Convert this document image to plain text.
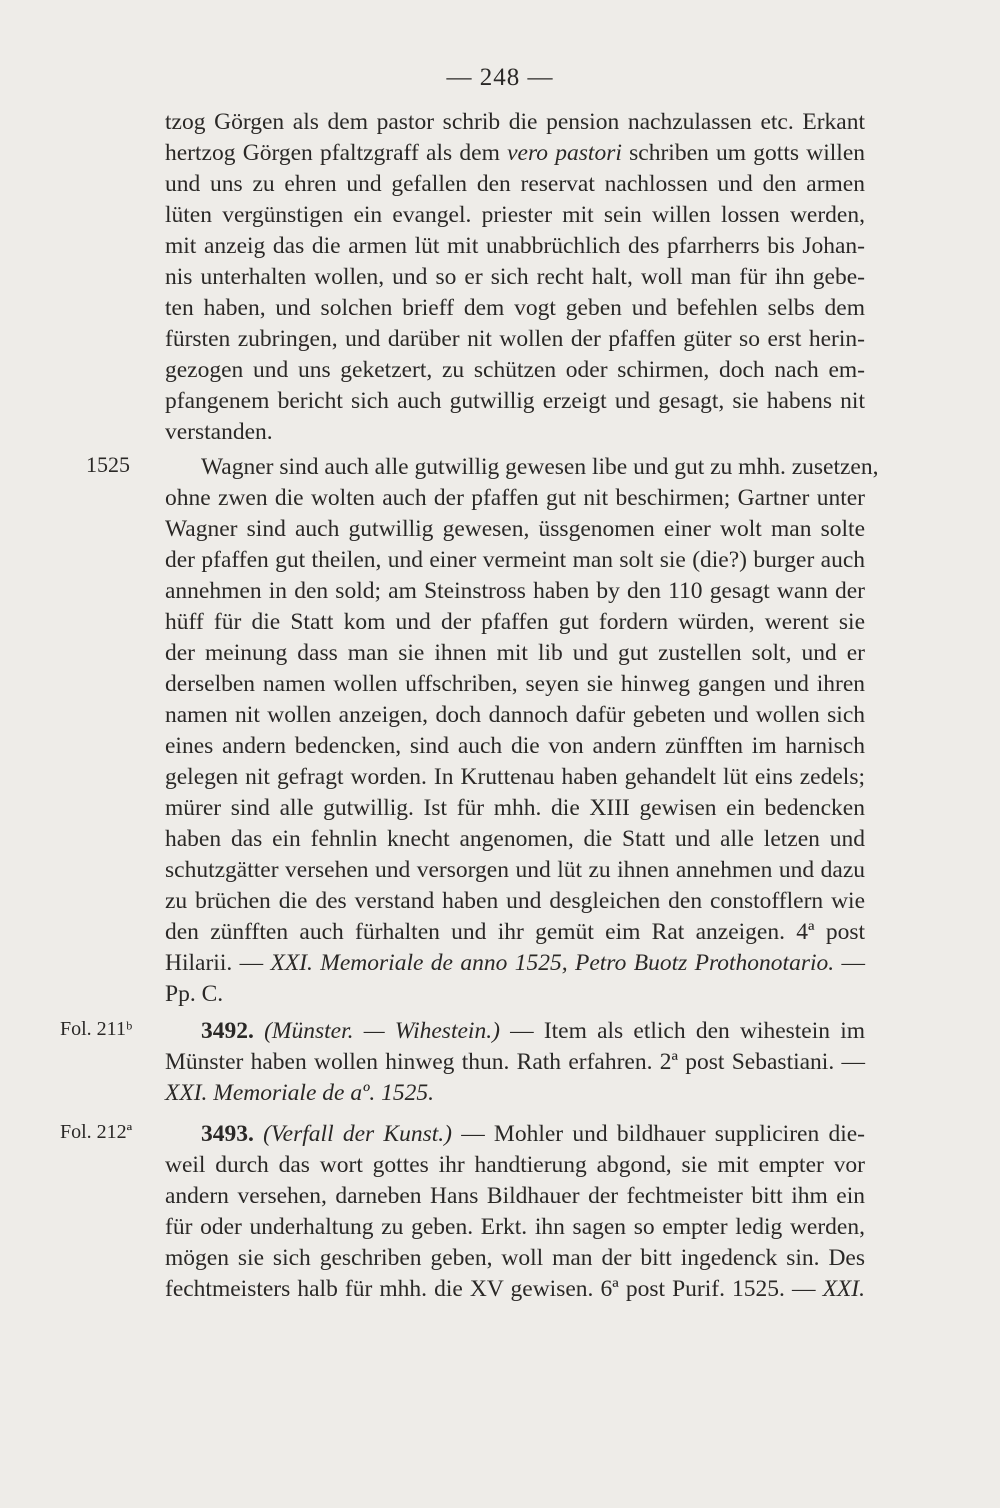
— 248 —
tzog Görgen als dem pastor schrib die pension nachzulassen etc. Erkant
hertzog Görgen pfaltzgraff als dem vero pastori schriben um gotts willen
und uns zu ehren und gefallen den reservat nachlossen und den armen
lüten vergünstigen ein evangel. priester mit sein willen lossen werden,
mit anzeig das die armen lüt mit unabbrüchlich des pfarrherrs bis Johan-
nis unterhalten wollen, und so er sich recht halt, woll man für ihn gebe-
ten haben, und solchen brieff dem vogt geben und befehlen selbs dem
fürsten zubringen, und darüber nit wollen der pfaffen güter so erst herin-
gezogen und uns geketzert, zu schützen oder schirmen, doch nach em-
pfangenem bericht sich auch gutwillig erzeigt und gesagt, sie habens nit
verstanden.
1525	Wagner sind auch alle gutwillig gewesen libe und gut zu mhh. zusetzen,
ohne zwen die wolten auch der pfaffen gut nit beschirmen; Gartner unter
Wagner sind auch gutwillig gewesen, üssgenomen einer wolt man solte
der pfaffen gut theilen, und einer vermeint man solt sie (die?) burger auch
annehmen in den sold; am Steinstross haben by den 110 gesagt wann der
hüff für die Statt kom und der pfaffen gut fordern würden, werent sie
der meinung dass man sie ihnen mit lib und gut zustellen solt, und er
derselben namen wollen uffschriben, seyen sie hinweg gangen und ihren
namen nit wollen anzeigen, doch dannoch dafür gebeten und wollen sich
eines andern bedencken, sind auch die von andern zünfften im harnisch
gelegen nit gefragt worden. In Kruttenau haben gehandelt lüt eins zedels;
mürer sind alle gutwillig. Ist für mhh. die XIII gewisen ein bedencken
haben das ein fehnlin knecht angenomen, die Statt und alle letzen und
schutzgätter versehen und versorgen und lüt zu ihnen annehmen und dazu
zu brüchen die des verstand haben und desgleichen den constofflern wie
den zünfften auch fürhalten und ihr gemüt eim Rat anzeigen. 4ª post
Hilarii. — XXI. Memoriale de anno 1525, Petro Buotz Prothonotario. —
Pp. C.
Fol. 211ᵇ	3492. (Münster. — Wihestein.) — Item als etlich den wihestein im
Münster haben wollen hinweg thun. Rath erfahren. 2ª post Sebastiani. —
XXI. Memoriale de aº. 1525.
Fol. 212ª	3493. (Verfall der Kunst.) — Mohler und bildhauer suppliciren die-
weil durch das wort gottes ihr handtierung abgond, sie mit empter vor
andern versehen, darneben Hans Bildhauer der fechtmeister bitt ihm ein
für oder underhaltung zu geben. Erkt. ihn sagen so empter ledig werden,
mögen sie sich geschriben geben, woll man der bitt ingedenck sin. Des
fechtmeisters halb für mhh. die XV gewisen. 6ª post Purif. 1525. — XXI.
